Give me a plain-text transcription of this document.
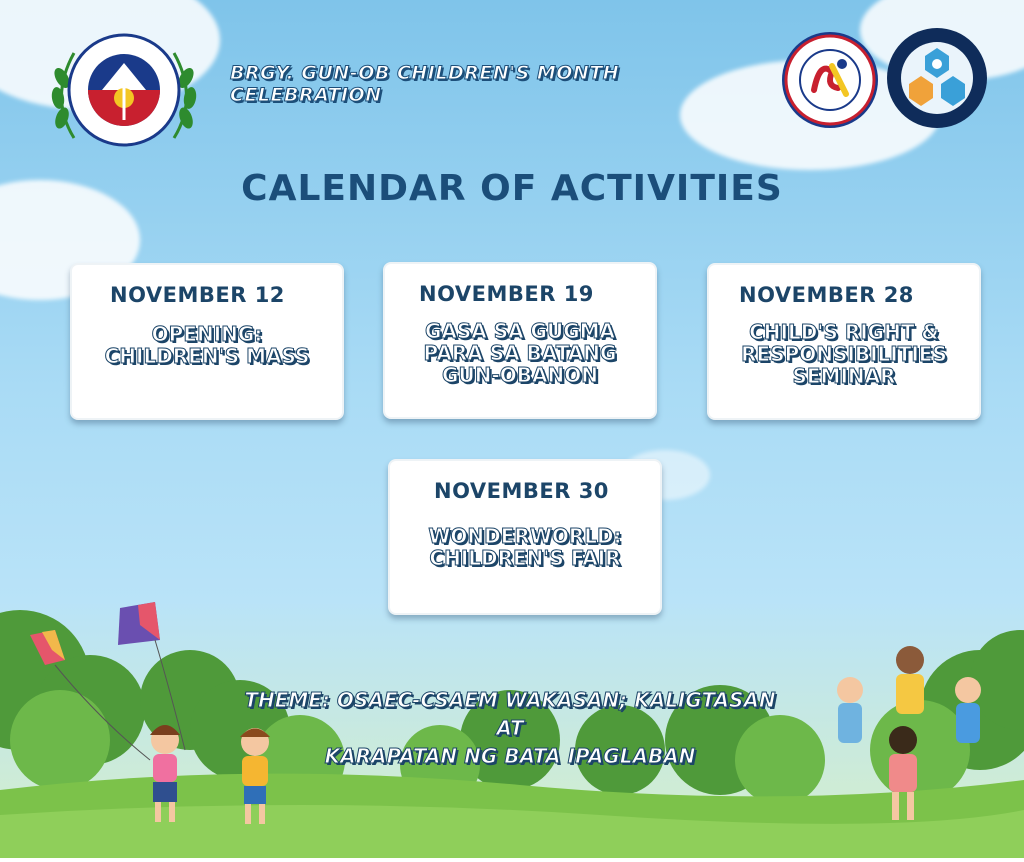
BRGY. GUN-OB CHILDREN'S MONTH CELEBRATION
CALENDAR OF ACTIVITIES
NOVEMBER 12
OPENING:
CHILDREN'S MASS
NOVEMBER 19
GASA SA GUGMA
PARA SA BATANG
GUN-OBANON
NOVEMBER 28
CHILD'S RIGHT &
RESPONSIBILITIES
SEMINAR
NOVEMBER 30
WONDERWORLD:
CHILDREN'S FAIR
THEME: OSAEC-CSAEM WAKASAN; KALIGTASAN AT
KARAPATAN NG BATA IPAGLABAN
